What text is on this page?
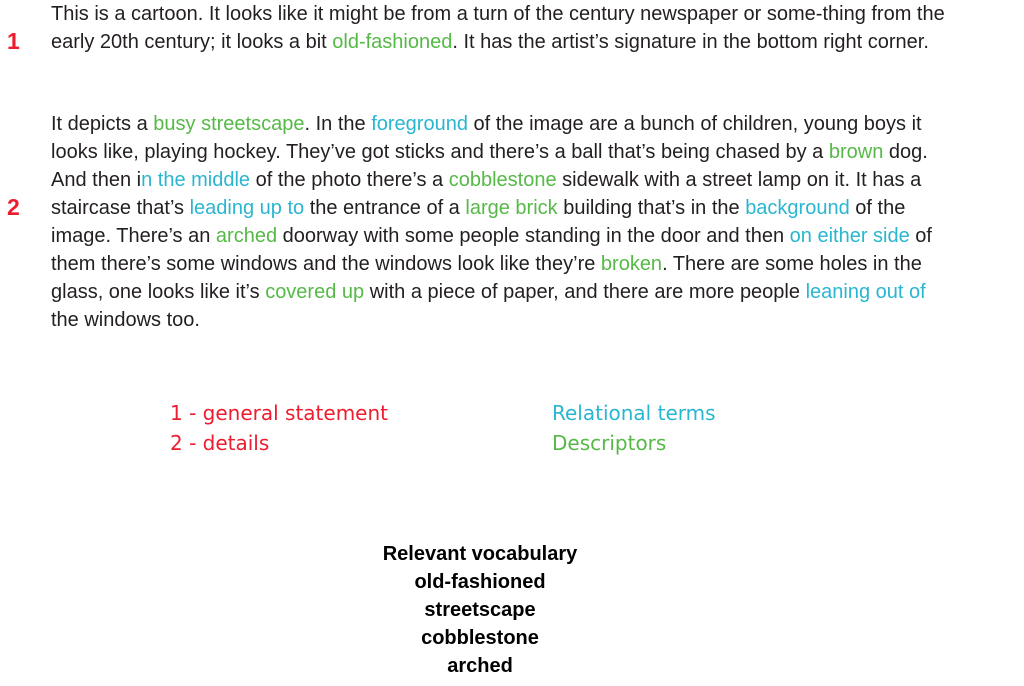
1

This is a cartoon. It looks like it might be from a turn of the century newspaper or some-thing from the early 20th century; it looks a bit old-fashioned. It has the artist’s signature in the bottom right corner.

2

It depicts a busy streetscape. In the foreground of the image are a bunch of children, young boys it looks like, playing hockey. They’ve got sticks and there’s a ball that’s being chased by a brown dog. And then in the middle of the photo there’s a cobblestone sidewalk with a street lamp on it. It has a staircase that’s leading up to the entrance of a large brick building that’s in the background of the image. There’s an arched doorway with some people standing in the door and then on either side of them there’s some windows and the windows look like they’re broken. There are some holes in the glass, one looks like it’s covered up with a piece of paper, and there are more people leaning out of the windows too.

1 - general statement
2 - details
Relational terms
Descriptors
Relevant vocabulary
old-fashioned
streetscape
cobblestone
arched
